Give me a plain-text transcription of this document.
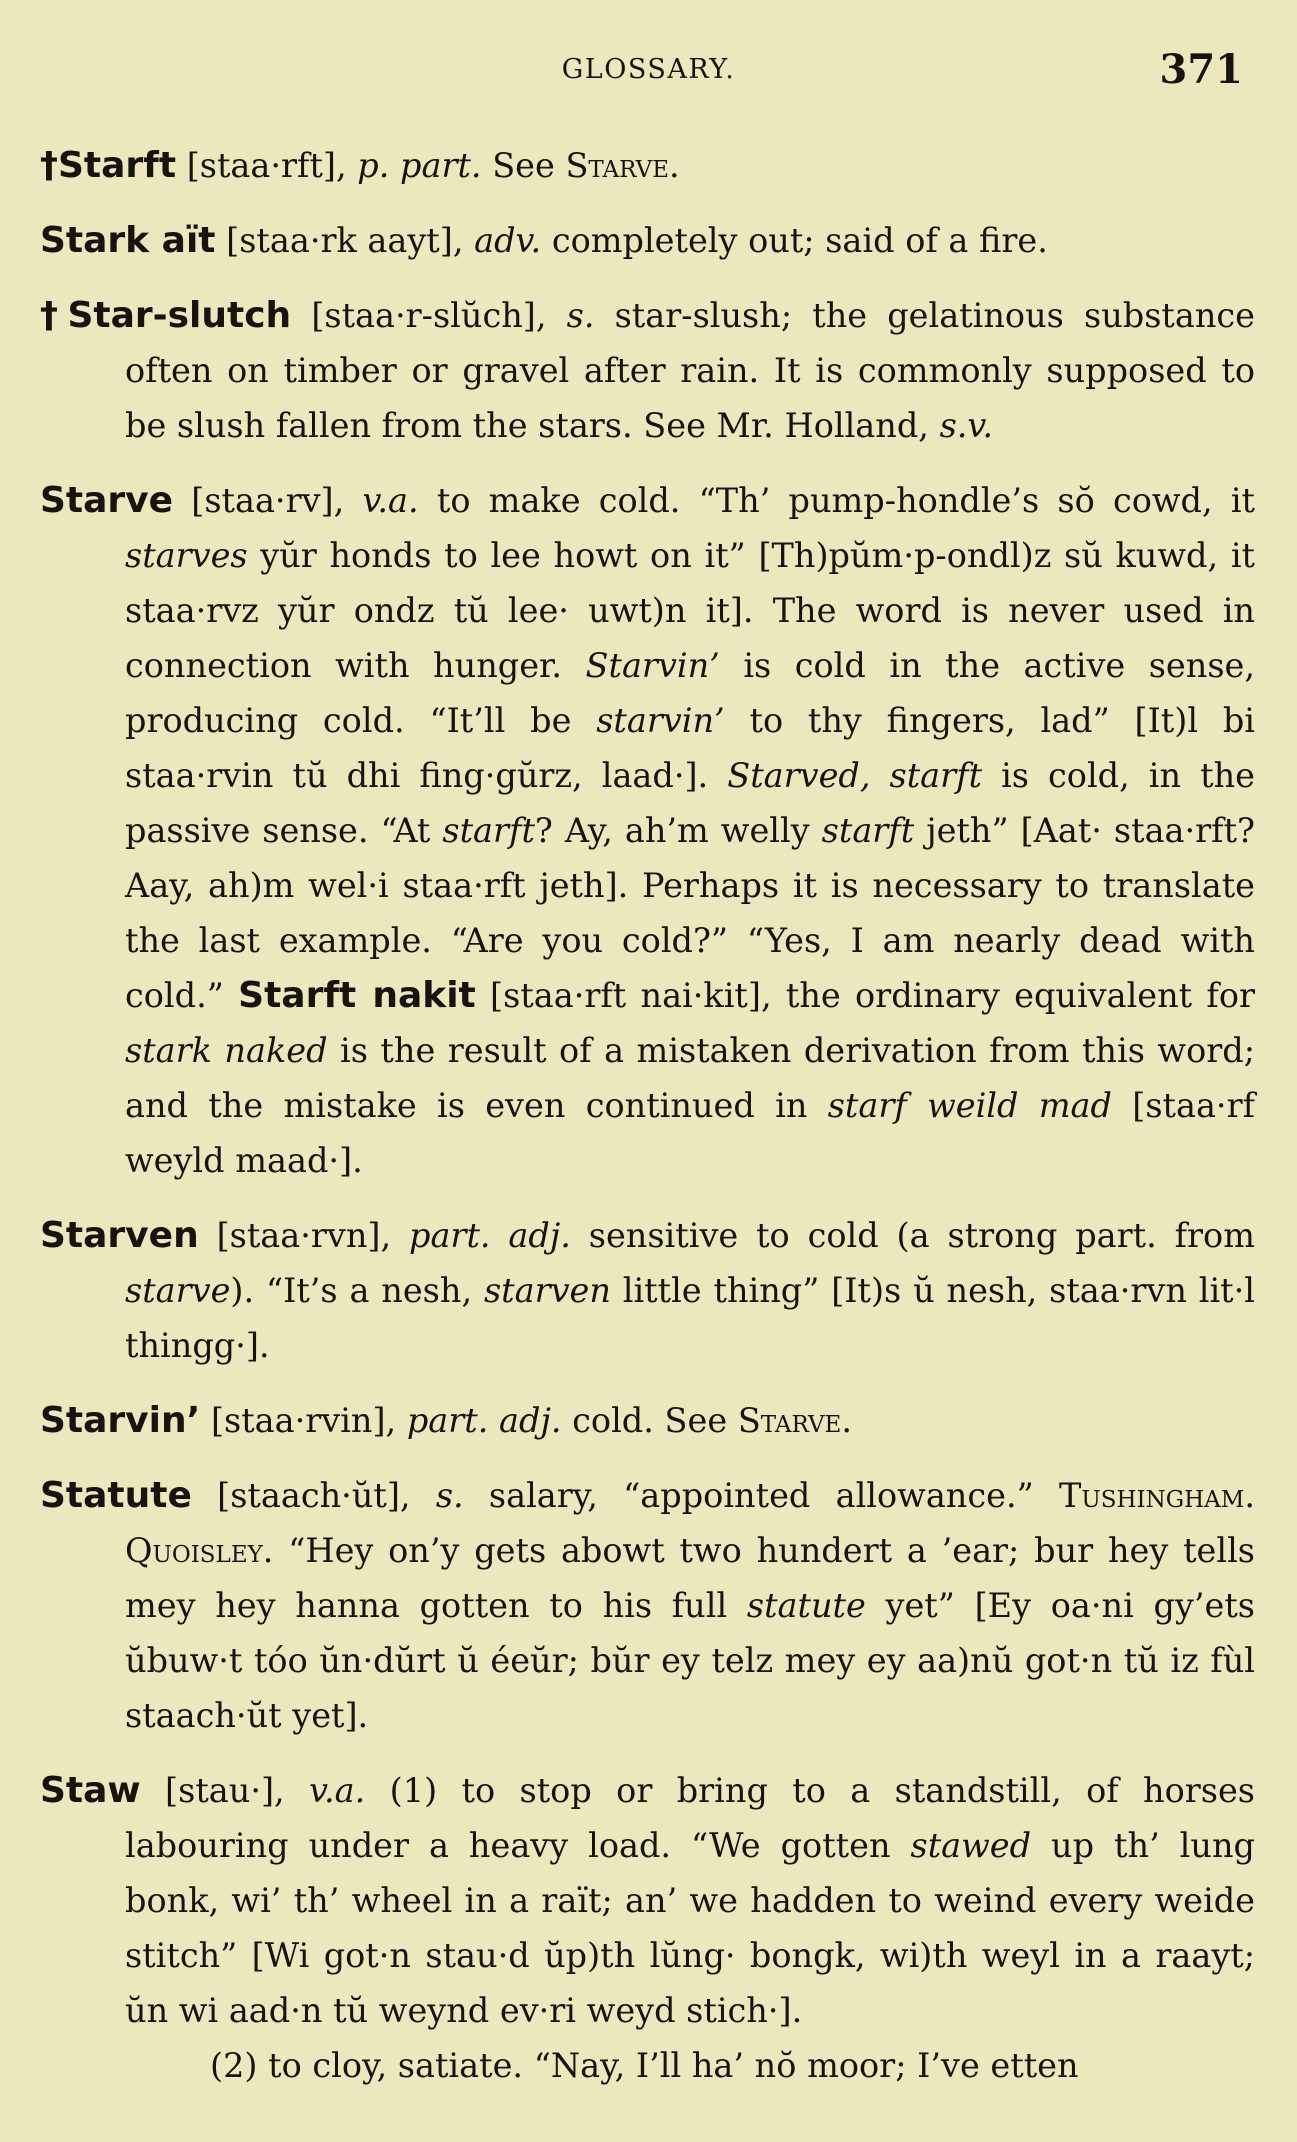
GLOSSARY.	371

†Starft [staa·rft], p. part. See Starve.

Stark aït [staa·rk aayt], adv. completely out; said of a fire.

†Star-slutch [staa·r-slŭch], s. star-slush; the gelatinous substance often on timber or gravel after rain. It is commonly supposed to be slush fallen from the stars. See Mr. Holland, s.v.

Starve [staa·rv], v.a. to make cold. “Th’ pump-hondle’s sŏ cowd, it starves yŭr honds to lee howt on it” [Th)pŭm·p-ondl)z sŭ kuwd, it staa·rvz yŭr ondz tŭ lee· uwt)n it]. The word is never used in connection with hunger. Starvin’ is cold in the active sense, producing cold. “It’ll be starvin’ to thy fingers, lad” [It)l bi staa·rvin tŭ dhi fing·gŭrz, laad·]. Starved, starft is cold, in the passive sense. “At starft? Ay, ah’m welly starft jeth” [Aat· staa·rft? Aay, ah)m wel·i staa·rft jeth]. Perhaps it is necessary to translate the last example. “Are you cold?” “Yes, I am nearly dead with cold.” Starft nakit [staa·rft nai·kit], the ordinary equivalent for stark naked is the result of a mistaken derivation from this word; and the mistake is even continued in starf weild mad [staa·rf weyld maad·].

Starven [staa·rvn], part. adj. sensitive to cold (a strong part. from starve). “It’s a nesh, starven little thing” [It)s ŭ nesh, staa·rvn lit·l thingg·].

Starvin’ [staa·rvin], part. adj. cold. See Starve.

Statute [staach·ŭt], s. salary, “appointed allowance.” Tushingham. Quoisley. “Hey on’y gets abowt two hundert a ’ear; bur hey tells mey hey hanna gotten to his full statute yet” [Ey oa·ni gy’ets ŭbuw·t tóo ŭn·dŭrt ŭ éeŭr; bŭr ey telz mey ey aa)nŭ got·n tŭ iz fùl staach·ŭt yet].

Staw [stau·], v.a. (1) to stop or bring to a standstill, of horses labouring under a heavy load. “We gotten stawed up th’ lung bonk, wi’ th’ wheel in a raït; an’ we hadden to weind every weide stitch” [Wi got·n stau·d ŭp)th lŭng· bongk, wi)th weyl in a raayt; ŭn wi aad·n tŭ weynd ev·ri weyd stich·].
(2) to cloy, satiate. “Nay, I’ll ha’ nŏ moor; I’ve etten
